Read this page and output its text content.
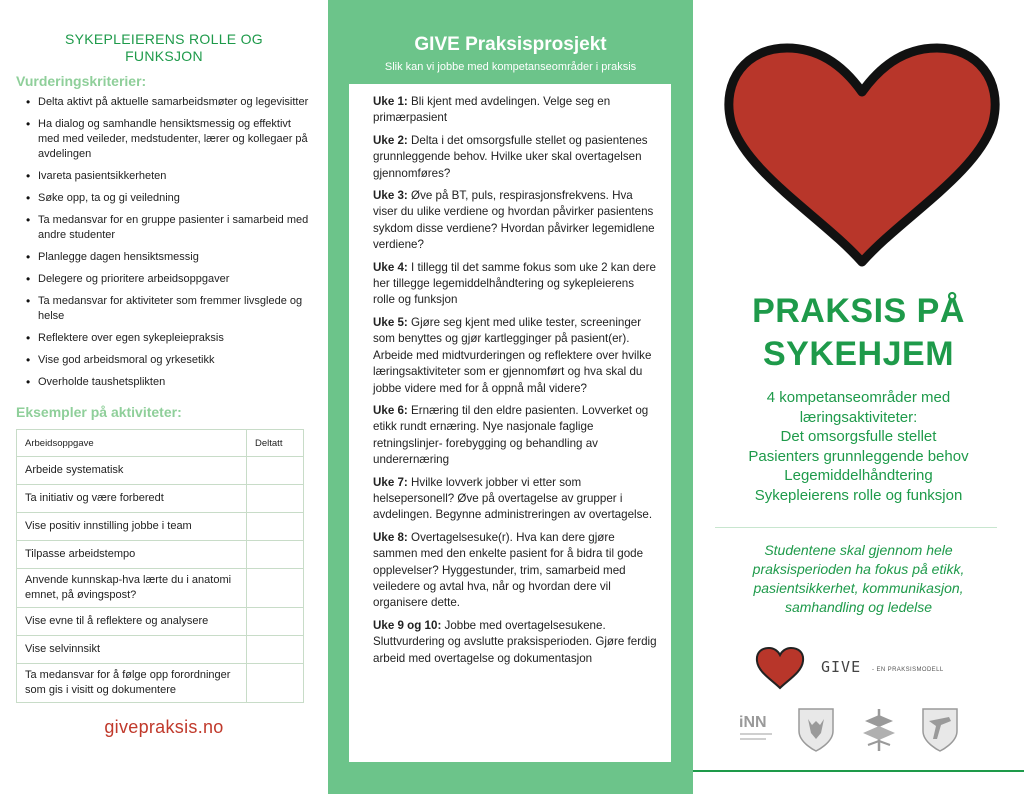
SYKEPLEIERENS ROLLE OG
FUNKSJON
Vurderingskriterier:
• Delta aktivt på aktuelle samarbeidsmøter og legevisitter
• Ha dialog og samhandle hensiktsmessig og effektivt med med veileder, medstudenter, lærer og kollegaer på avdelingen
• Ivareta pasientsikkerheten
• Søke opp, ta og gi veiledning
• Ta medansvar for en gruppe pasienter i samarbeid med andre studenter
• Planlegge dagen hensiktsmessig
• Delegere og prioritere arbeidsoppgaver
• Ta medansvar for aktiviteter som fremmer livsglede og helse
• Reflektere over egen sykepleiepraksis
• Vise god arbeidsmoral og yrkesetikk
• Overholde taushetsplikten
Eksempler på aktiviteter:
Arbeidsoppgave	Deltatt
Arbeide systematisk	
Ta initiativ og være forberedt	
Vise positiv innstilling jobbe i team	
Tilpasse arbeidstempo	
Anvende kunnskap-hva lærte du i anatomi emnet, på øvingspost?	
Vise evne til å reflektere og analysere	
Vise selvinnsikt	
Ta medansvar for å følge opp forordninger som gis i visitt og dokumentere	
givepraksis.no
GIVE Praksisprosjekt
Slik kan vi jobbe med kompetanseområder i praksis
Uke 1: Bli kjent med avdelingen. Velge seg en primærpasient
Uke 2: Delta i det omsorgsfulle stellet og pasientenes grunnleggende behov. Hvilke uker skal overtagelsen gjennomføres?
Uke 3: Øve på BT, puls, respirasjonsfrekvens. Hva viser du ulike verdiene og hvordan påvirker pasientens sykdom disse verdiene? Hvordan påvirker legemidlene verdiene?
Uke 4: I tillegg til det samme fokus som uke 2 kan dere her tillegge legemiddelhåndtering og sykepleierens rolle og funksjon
Uke 5: Gjøre seg kjent med ulike tester, screeninger som benyttes og gjør kartlegginger på pasient(er). Arbeide med midtvurderingen og reflektere over hvilke læringsaktiviteter som er gjennomført og hva skal du jobbe videre med for å oppnå mål videre?
Uke 6: Ernæring til den eldre pasienten. Lovverket og etikk rundt ernæring. Nye nasjonale faglige retningslinjer- forebygging og behandling av underernæring
Uke 7: Hvilke lovverk jobber vi etter som helsepersonell? Øve på overtagelse av grupper i avdelingen. Begynne administreringen av overtagelse.
Uke 8: Overtagelsesuke(r). Hva kan dere gjøre sammen med den enkelte pasient for å bidra til gode opplevelser? Hyggestunder, trim, samarbeid med veiledere og avtal hva, når og hvordan dere vil organisere dette.
Uke 9 og 10: Jobbe med overtagelsesukene. Sluttvurdering og avslutte praksisperioden. Gjøre ferdig arbeid med overtagelse og dokumentasjon
PRAKSIS PÅ
SYKEHJEM
4 kompetanseområder med
læringsaktiviteter:
Det omsorgsfulle stellet
Pasienters grunnleggende behov
Legemiddelhåndtering
Sykepleierens rolle og funksjon
Studentene skal gjennom hele
praksisperioden ha fokus på etikk,
pasientsikkerhet, kommunikasjon,
samhandling og ledelse
GIVE - EN PRAKSISMODELL
iNN
